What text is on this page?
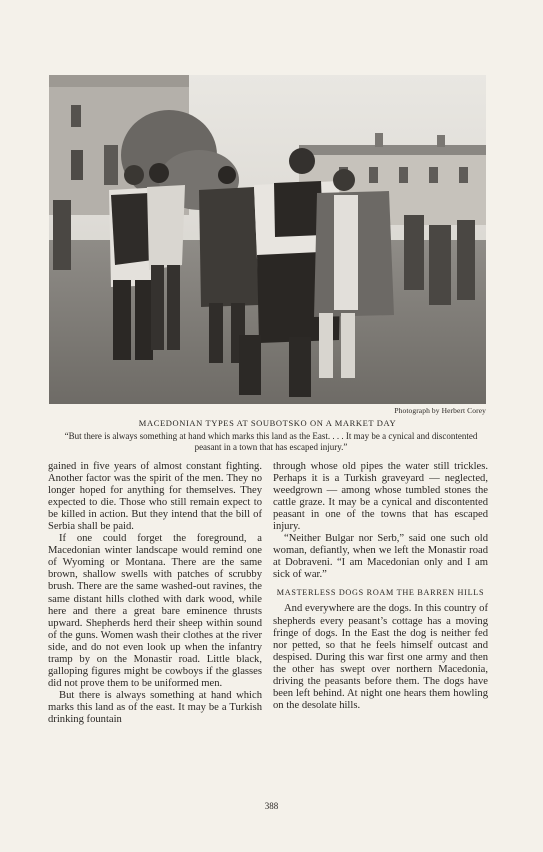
Photograph by Herbert Corey
MACEDONIAN TYPES AT SOUBOTSKO ON A MARKET DAY
“But there is always something at hand which marks this land as the East. . . . It may be a cynical and discontented peasant in a town that has escaped injury.”

gained in five years of almost constant fighting. Another factor was the spirit of the men. They no longer hoped for anything for themselves. They expected to die. Those who still remain expect to be killed in action. But they intend that the bill of Serbia shall be paid.

If one could forget the foreground, a Macedonian winter landscape would remind one of Wyoming or Montana. There are the same brown, shallow swells with patches of scrubby brush. There are the same washed-out ravines, the same distant hills clothed with dark wood, while here and there a great bare eminence thrusts upward. Shepherds herd their sheep within sound of the guns. Women wash their clothes at the river side, and do not even look up when the infantry tramp by on the Monastir road. Little black, galloping figures might be cowboys if the glasses did not prove them to be uniformed men.

But there is always something at hand which marks this land as of the east. It may be a Turkish drinking fountain

through whose old pipes the water still trickles. Perhaps it is a Turkish graveyard — neglected, weedgrown — among whose tumbled stones the cattle graze. It may be a cynical and discontented peasant in one of the towns that has escaped injury.

“Neither Bulgar nor Serb,” said one such old woman, defiantly, when we left the Monastir road at Dobraveni. “I am Macedonian only and I am sick of war.”

MASTERLESS DOGS ROAM THE BARREN HILLS

And everywhere are the dogs. In this country of shepherds every peasant’s cottage has a moving fringe of dogs. In the East the dog is neither fed nor petted, so that he feels himself outcast and despised. During this war first one army and then the other has swept over northern Macedonia, driving the peasants before them. The dogs have been left behind. At night one hears them howling on the desolate hills.

388
